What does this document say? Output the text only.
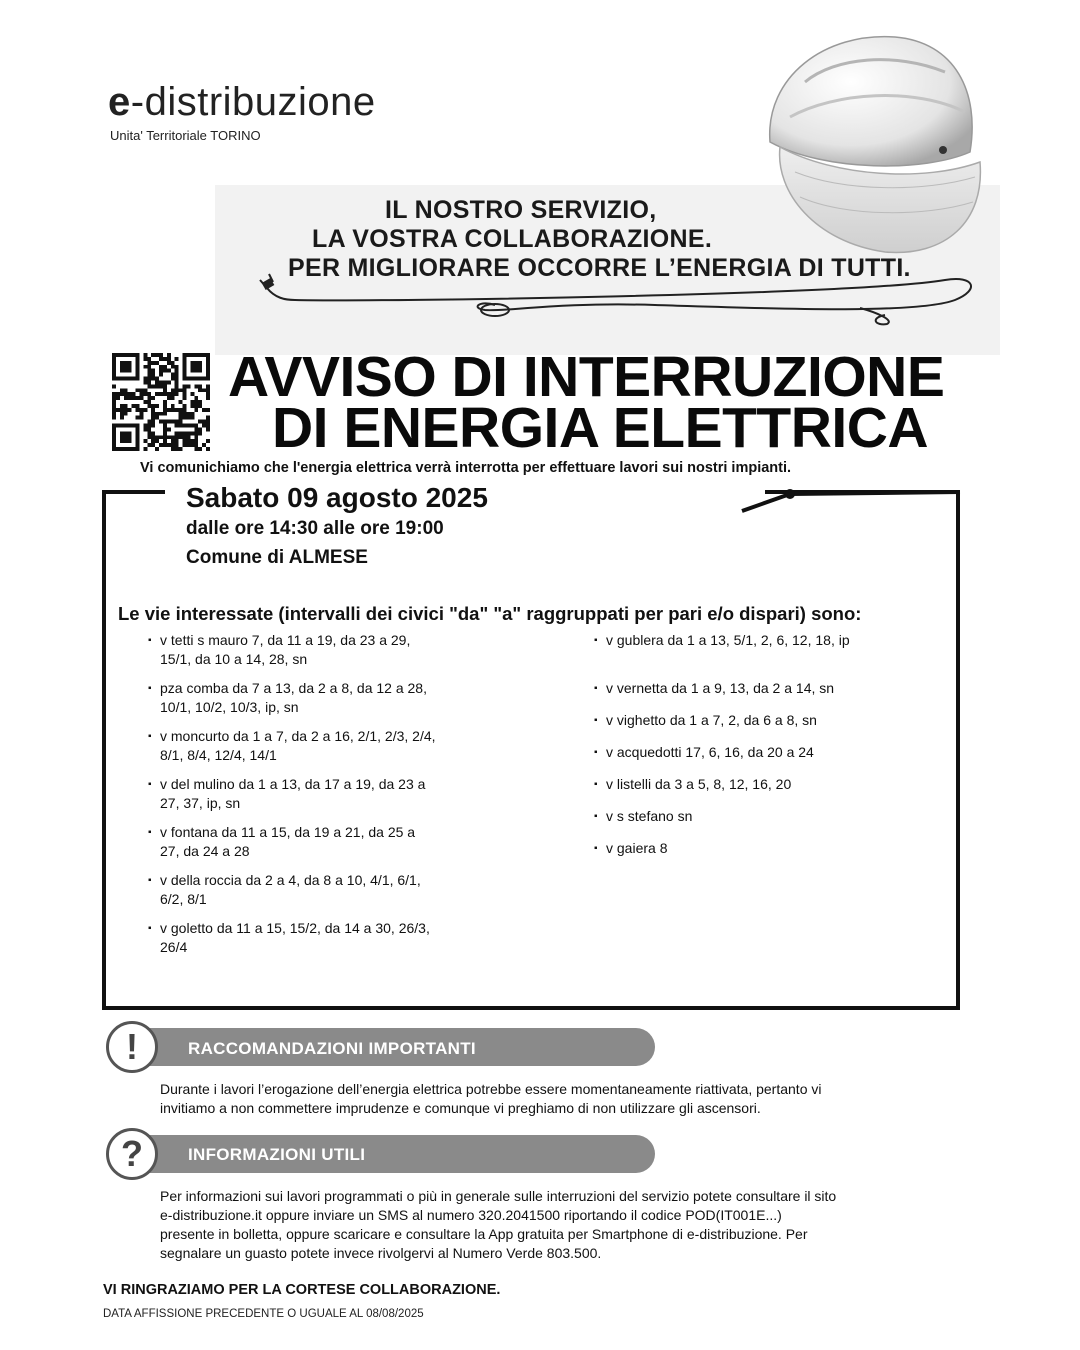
e-distribuzione
Unita' Territoriale TORINO
IL NOSTRO SERVIZIO,
LA VOSTRA COLLABORAZIONE.
PER MIGLIORARE OCCORRE L’ENERGIA DI TUTTI.
AVVISO DI INTERRUZIONE
DI ENERGIA ELETTRICA
Vi comunichiamo che l'energia elettrica verrà interrotta per effettuare lavori sui nostri impianti.
Sabato 09 agosto 2025
dalle ore 14:30 alle ore 19:00
Comune di ALMESE
Le vie interessate (intervalli dei civici "da" "a" raggruppati per pari e/o dispari) sono:
▪ v tetti s mauro 7, da 11 a 19, da 23 a 29,
15/1, da 10 a 14, 28, sn
▪ pza comba da 7 a 13, da 2 a 8, da 12 a 28,
10/1, 10/2, 10/3, ip, sn
▪ v moncurto da 1 a 7, da 2 a 16, 2/1, 2/3, 2/4,
8/1, 8/4, 12/4, 14/1
▪ v del mulino da 1 a 13, da 17 a 19, da 23 a
27, 37, ip, sn
▪ v fontana da 11 a 15, da 19 a 21, da 25 a
27, da 24 a 28
▪ v della roccia da 2 a 4, da 8 a 10, 4/1, 6/1,
6/2, 8/1
▪ v goletto da 11 a 15, 15/2, da 14 a 30, 26/3,
26/4
▪ v gublera da 1 a 13, 5/1, 2, 6, 12, 18, ip
▪ v vernetta da 1 a 9, 13, da 2 a 14, sn
▪ v vighetto da 1 a 7, 2, da 6 a 8, sn
▪ v acquedotti 17, 6, 16, da 20 a 24
▪ v listelli da 3 a 5, 8, 12, 16, 20
▪ v s stefano sn
▪ v gaiera 8
RACCOMANDAZIONI IMPORTANTI
!
Durante i lavori l’erogazione dell’energia elettrica potrebbe essere momentaneamente riattivata, pertanto vi
invitiamo a non commettere imprudenze e comunque vi preghiamo di non utilizzare gli ascensori.
INFORMAZIONI UTILI
?
Per informazioni sui lavori programmati o più in generale sulle interruzioni del servizio potete consultare il sito
e-distribuzione.it oppure inviare un SMS al numero 320.2041500 riportando il codice POD(IT001E...)
presente in bolletta, oppure scaricare e consultare la App gratuita per Smartphone di e-distribuzione. Per
segnalare un guasto potete invece rivolgervi al Numero Verde 803.500.
VI RINGRAZIAMO PER LA CORTESE COLLABORAZIONE.
DATA AFFISSIONE PRECEDENTE O UGUALE AL 08/08/2025
